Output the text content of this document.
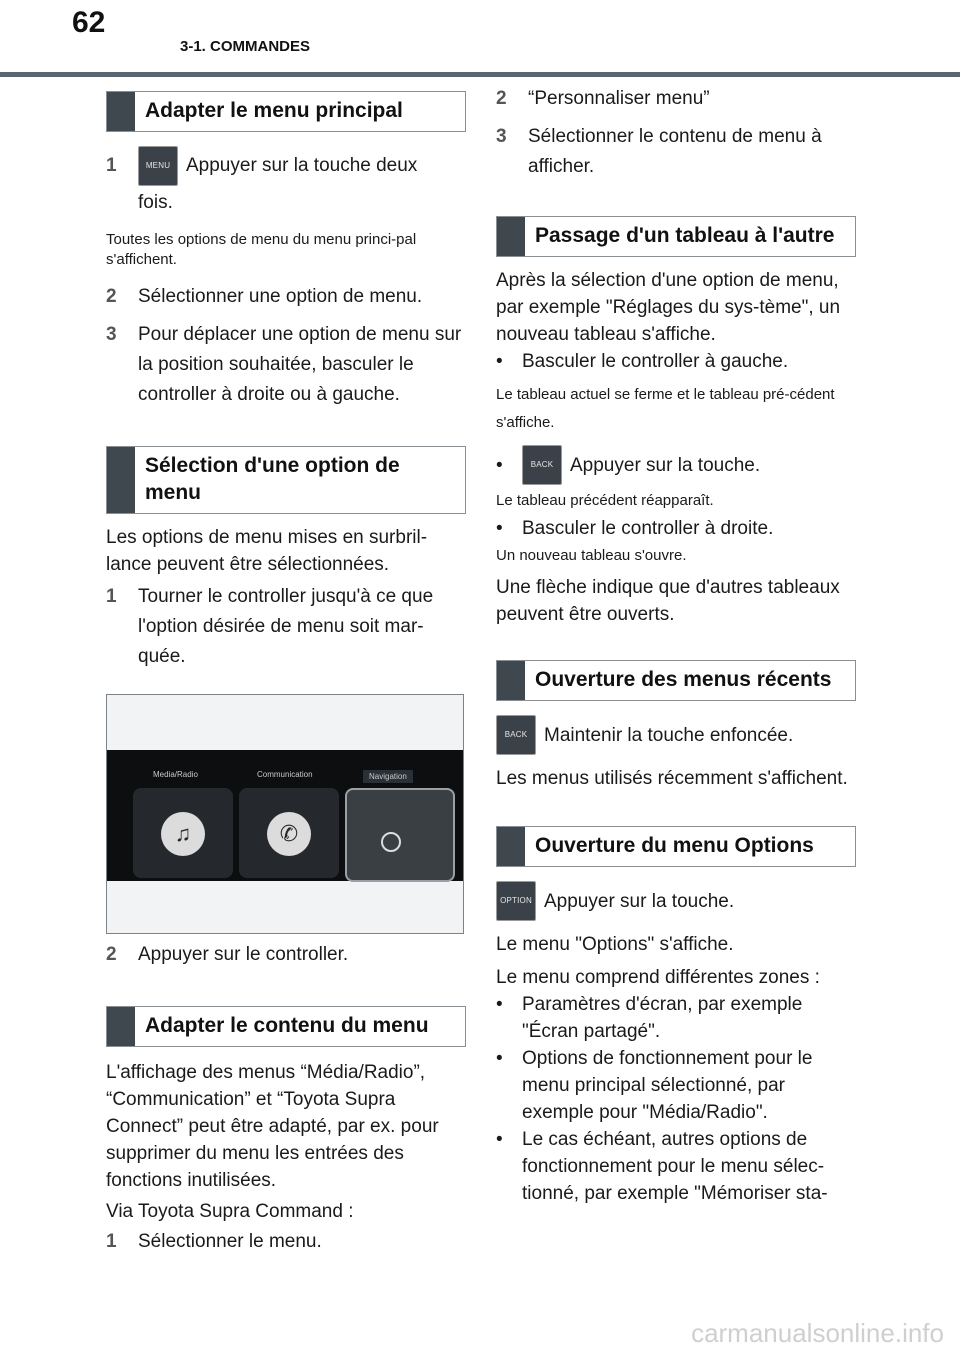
62
3-1. COMMANDES
Adapter le menu principal
1	MENU Appuyer sur la touche deux
fois.
Toutes les options de menu du menu princi-pal s'affichent.
2	Sélectionner une option de menu.
3	Pour déplacer une option de menu sur la position souhaitée, basculer le controller à droite ou à gauche.
Sélection d'une option de menu
Les options de menu mises en surbril-lance peuvent être sélectionnées.
1	Tourner le controller jusqu'à ce que l'option désirée de menu soit mar-quée.
Media/Radio	Communication	Navigation
♫	✆
2	Appuyer sur le controller.
Adapter le contenu du menu
L'affichage des menus “Média/Radio”, “Communication” et “Toyota Supra Connect” peut être adapté, par ex. pour supprimer du menu les entrées des fonctions inutilisées.
Via Toyota Supra Command :
1	Sélectionner le menu.
2	“Personnaliser menu”
3	Sélectionner le contenu de menu à afficher.
Passage d'un tableau à l'autre
Après la sélection d'une option de menu, par exemple "Réglages du sys-tème", un nouveau tableau s'affiche.
•	Basculer le controller à gauche.
Le tableau actuel se ferme et le tableau pré-cédent s'affiche.
•	BACK Appuyer sur la touche.
Le tableau précédent réapparaît.
•	Basculer le controller à droite.
Un nouveau tableau s'ouvre.
Une flèche indique que d'autres tableaux peuvent être ouverts.
Ouverture des menus récents
BACK Maintenir la touche enfoncée.
Les menus utilisés récemment s'affichent.
Ouverture du menu Options
OPTION Appuyer sur la touche.
Le menu "Options" s'affiche.
Le menu comprend différentes zones :
•	Paramètres d'écran, par exemple "Écran partagé".
•	Options de fonctionnement pour le menu principal sélectionné, par exemple pour "Média/Radio".
•	Le cas échéant, autres options de fonctionnement pour le menu sélec-tionné, par exemple "Mémoriser sta-
carmanualsonline.info
